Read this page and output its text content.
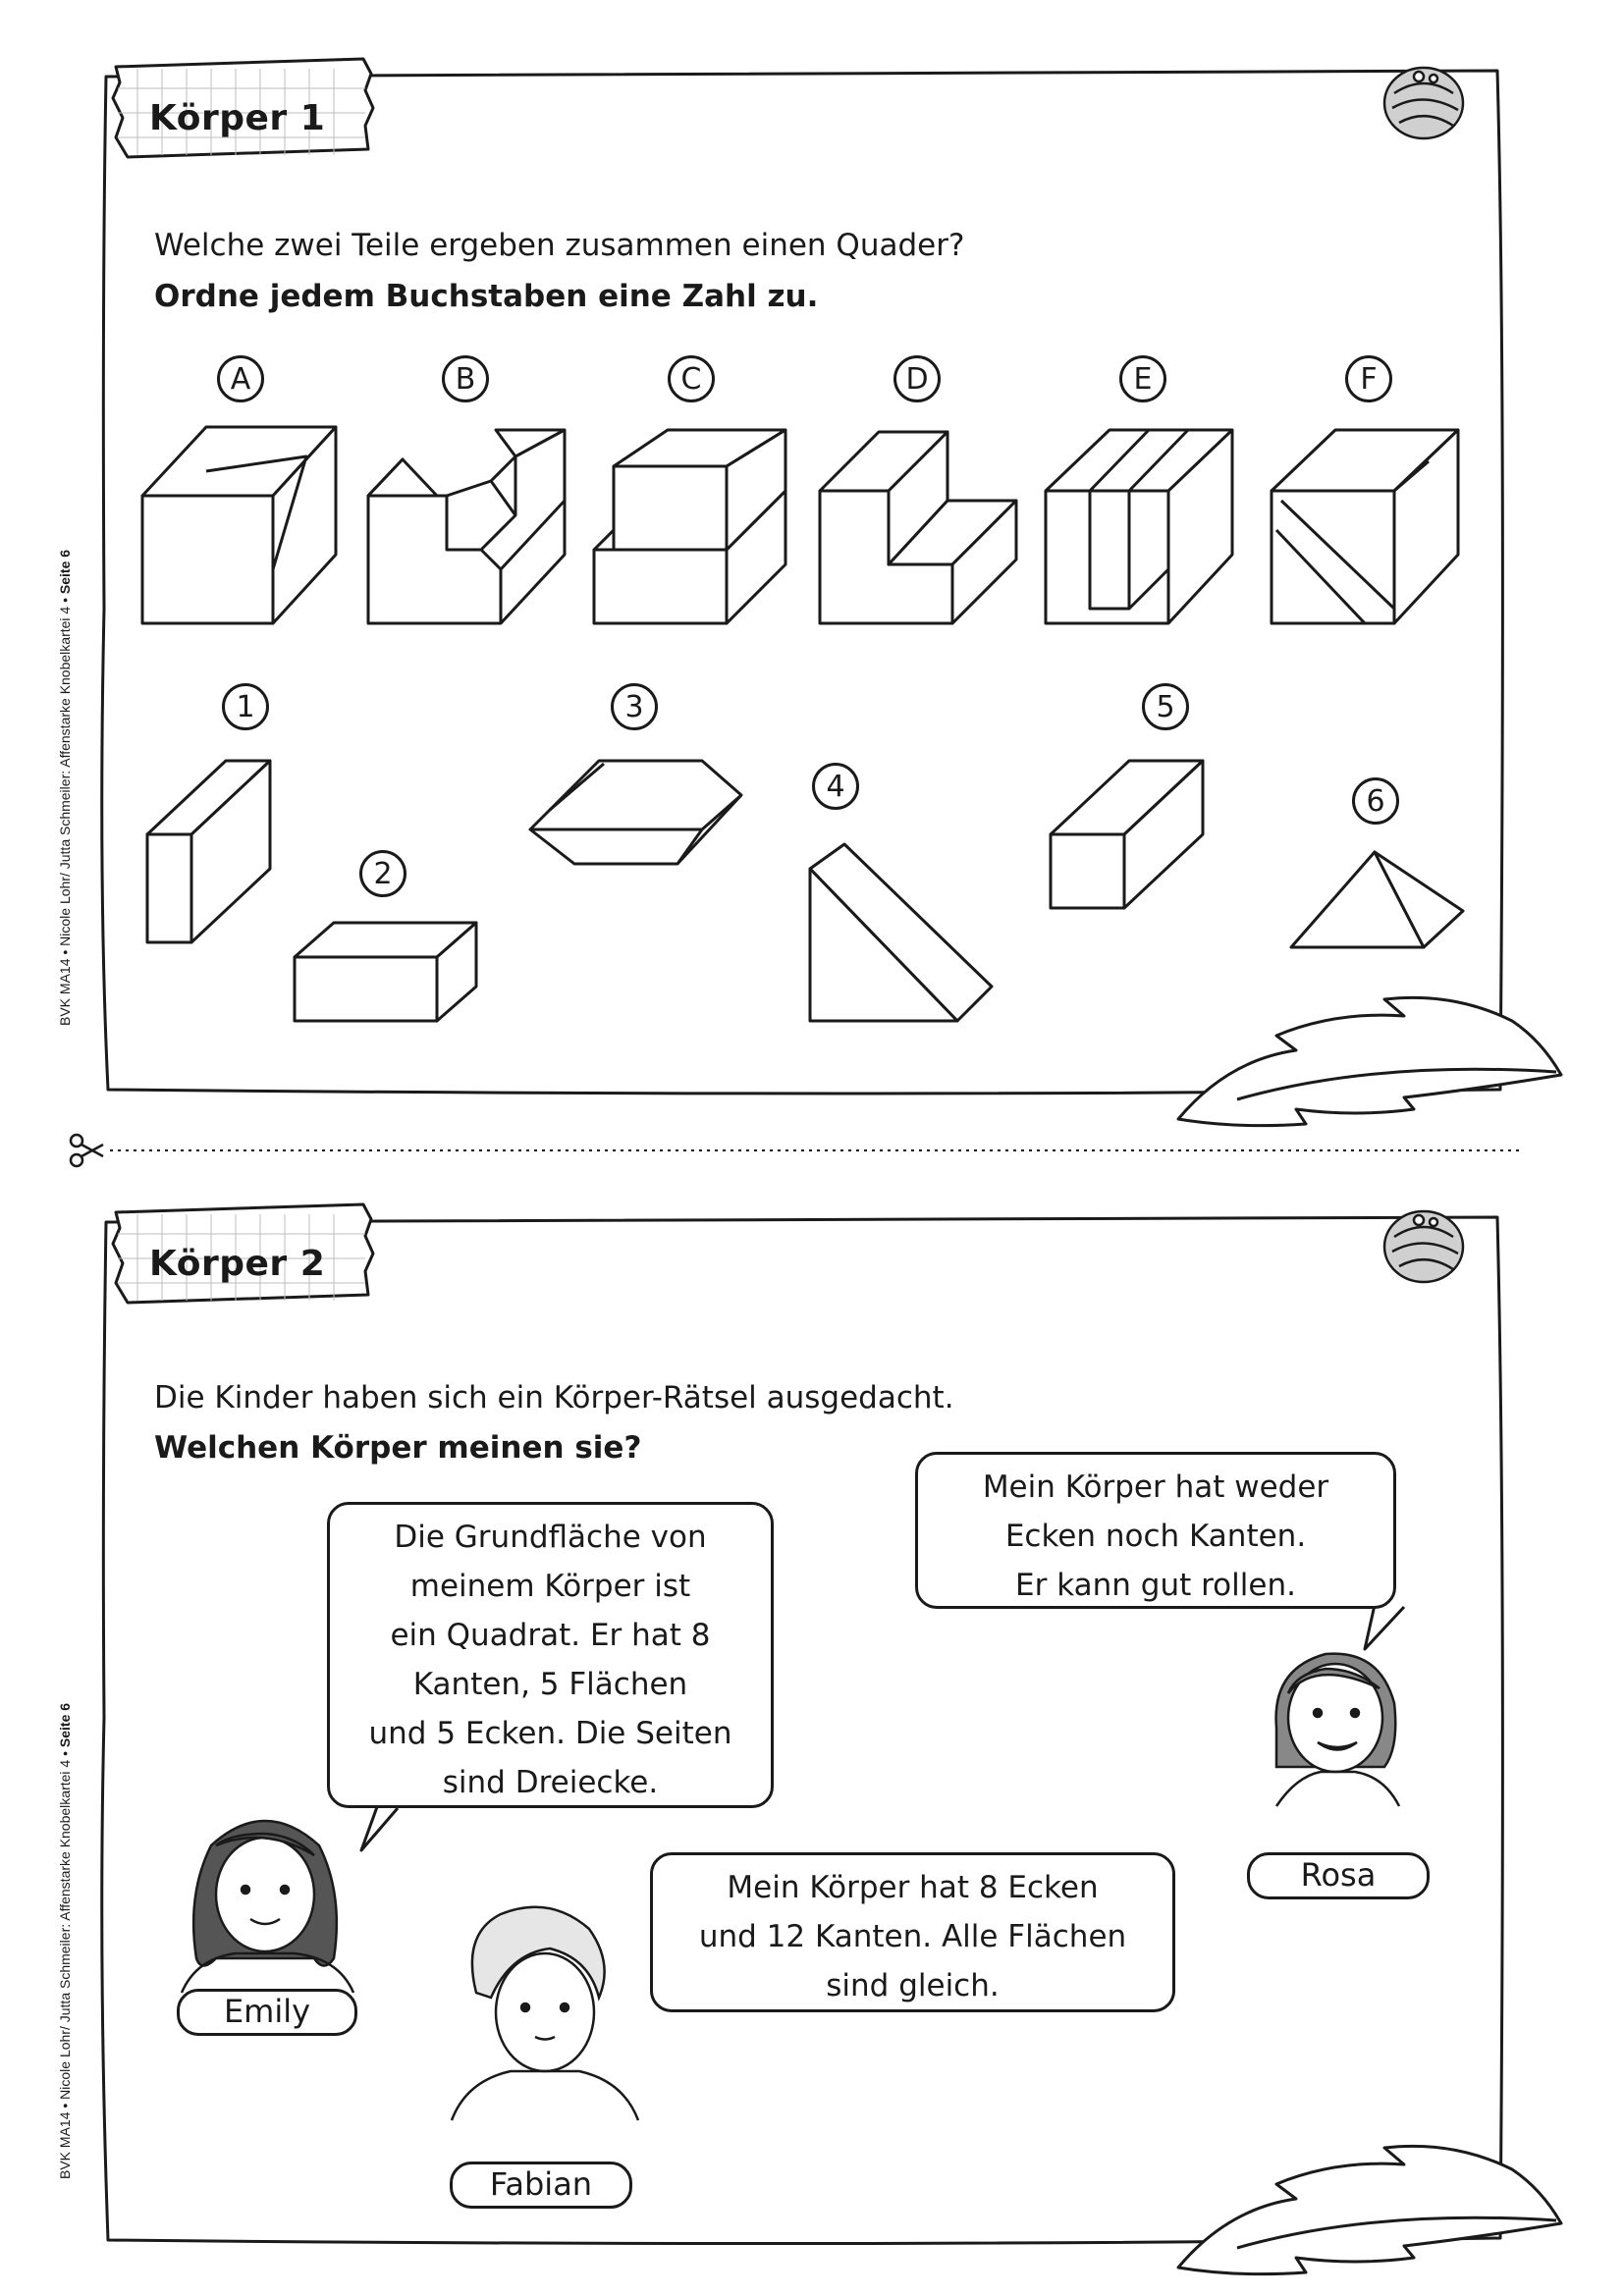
Körper 1
Welche zwei Teile ergeben zusammen einen Quader?
Ordne jedem Buchstaben eine Zahl zu.
A	B	C	D	E	F
1
2
3
4
5
6
BVK MA14 • Nicole Lohr/ Jutta Schmeiler: Affenstarke Knobelkartei 4 • Seite 6
Körper 2
Die Kinder haben sich ein Körper-Rätsel ausgedacht.
Welchen Körper meinen sie?
BVK MA14 • Nicole Lohr/ Jutta Schmeiler: Affenstarke Knobelkartei 4 • Seite 6
Die Grundfläche von
meinem Körper ist
ein Quadrat. Er hat 8
Kanten, 5 Flächen
und 5 Ecken. Die Seiten
sind Dreiecke.
Mein Körper hat 8 Ecken
und 12 Kanten. Alle Flächen
sind gleich.
Mein Körper hat weder
Ecken noch Kanten.
Er kann gut rollen.
Emily
Fabian
Rosa
